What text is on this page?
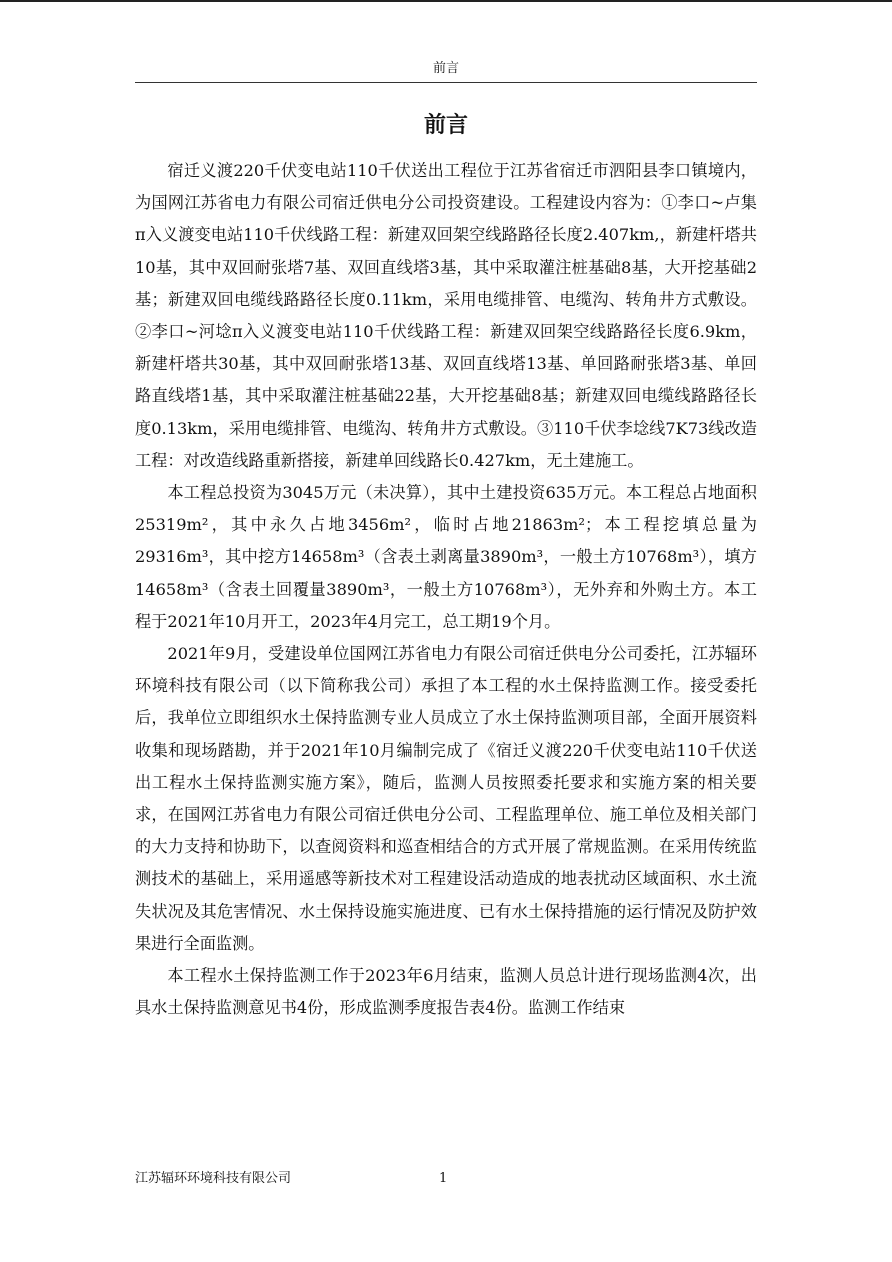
前言
前言

宿迁义渡220千伏变电站110千伏送出工程位于江苏省宿迁市泗阳县李口镇境内，为国网江苏省电力有限公司宿迁供电分公司投资建设。工程建设内容为：①李口~卢集π入义渡变电站110千伏线路工程：新建双回架空线路路径长度2.407km,，新建杆塔共10基，其中双回耐张塔7基、双回直线塔3基，其中采取灌注桩基础8基，大开挖基础2基；新建双回电缆线路路径长度0.11km，采用电缆排管、电缆沟、转角井方式敷设。②李口~河埝π入义渡变电站110千伏线路工程：新建双回架空线路路径长度6.9km，新建杆塔共30基，其中双回耐张塔13基、双回直线塔13基、单回路耐张塔3基、单回路直线塔1基，其中采取灌注桩基础22基，大开挖基础8基；新建双回电缆线路路径长度0.13km，采用电缆排管、电缆沟、转角井方式敷设。③110千伏李埝线7K73线改造工程：对改造线路重新搭接，新建单回线路长0.427km，无土建施工。

本工程总投资为3045万元（未决算），其中土建投资635万元。本工程总占地面积25319m²，其中永久占地3456m²，临时占地21863m²；本工程挖填总量为29316m³，其中挖方14658m³（含表土剥离量3890m³，一般土方10768m³），填方14658m³（含表土回覆量3890m³，一般土方10768m³），无外弃和外购土方。本工程于2021年10月开工，2023年4月完工，总工期19个月。

2021年9月，受建设单位国网江苏省电力有限公司宿迁供电分公司委托，江苏辐环环境科技有限公司（以下简称我公司）承担了本工程的水土保持监测工作。接受委托后，我单位立即组织水土保持监测专业人员成立了水土保持监测项目部，全面开展资料收集和现场踏勘，并于2021年10月编制完成了《宿迁义渡220千伏变电站110千伏送出工程水土保持监测实施方案》，随后，监测人员按照委托要求和实施方案的相关要求，在国网江苏省电力有限公司宿迁供电分公司、工程监理单位、施工单位及相关部门的大力支持和协助下，以查阅资料和巡查相结合的方式开展了常规监测。在采用传统监测技术的基础上，采用遥感等新技术对工程建设活动造成的地表扰动区域面积、水土流失状况及其危害情况、水土保持设施实施进度、已有水土保持措施的运行情况及防护效果进行全面监测。

本工程水土保持监测工作于2023年6月结束，监测人员总计进行现场监测4次，出具水土保持监测意见书4份，形成监测季度报告表4份。监测工作结束

江苏辐环环境科技有限公司	1
